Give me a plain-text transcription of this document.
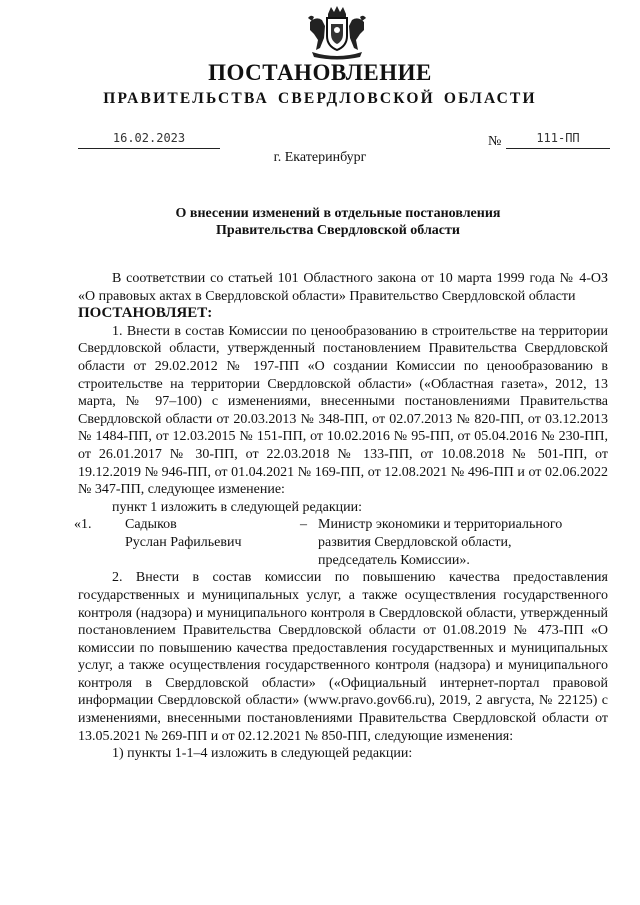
ПОСТАНОВЛЕНИЕ
ПРАВИТЕЛЬСТВА СВЕРДЛОВСКОЙ ОБЛАСТИ
16.02.2023	№	111-ПП
г. Екатеринбург
О внесении изменений в отдельные постановления
Правительства Свердловской области

В соответствии со статьей 101 Областного закона от 10 марта 1999 года № 4-ОЗ «О правовых актах в Свердловской области» Правительство Свердловской области

ПОСТАНОВЛЯЕТ:

1. Внести в состав Комиссии по ценообразованию в строительстве на территории Свердловской области, утвержденный постановлением Правительства Свердловской области от 29.02.2012 № 197-ПП «О создании Комиссии по ценообразованию в строительстве на территории Свердловской области» («Областная газета», 2012, 13 марта, № 97–100) с изменениями, внесенными постановлениями Правительства Свердловской области от 20.03.2013 № 348-ПП, от 02.07.2013 № 820-ПП, от 03.12.2013 № 1484-ПП, от 12.03.2015 № 151-ПП, от 10.02.2016 № 95-ПП, от 05.04.2016 № 230-ПП, от 26.01.2017 № 30-ПП, от 22.03.2018 № 133-ПП, от 10.08.2018 № 501-ПП, от 19.12.2019 № 946-ПП, от 01.04.2021 № 169-ПП, от 12.08.2021 № 496-ПП и от 02.06.2022 № 347-ПП, следующее изменение:

пункт 1 изложить в следующей редакции:

«1. Садыков
Руслан Рафильевич
– Министр экономики и территориального
развития Свердловской области,
председатель Комиссии».

2. Внести в состав комиссии по повышению качества предоставления государственных и муниципальных услуг, а также осуществления государственного контроля (надзора) и муниципального контроля в Свердловской области, утвержденный постановлением Правительства Свердловской области от 01.08.2019 № 473-ПП «О комиссии по повышению качества предоставления государственных и муниципальных услуг, а также осуществления государственного контроля (надзора) и муниципального контроля в Свердловской области» («Официальный интернет-портал правовой информации Свердловской области» (www.pravo.gov66.ru), 2019, 2 августа, № 22125) с изменениями, внесенными постановлениями Правительства Свердловской области от 13.05.2021 № 269-ПП и от 02.12.2021 № 850-ПП, следующие изменения:

1) пункты 1-1–4 изложить в следующей редакции:
